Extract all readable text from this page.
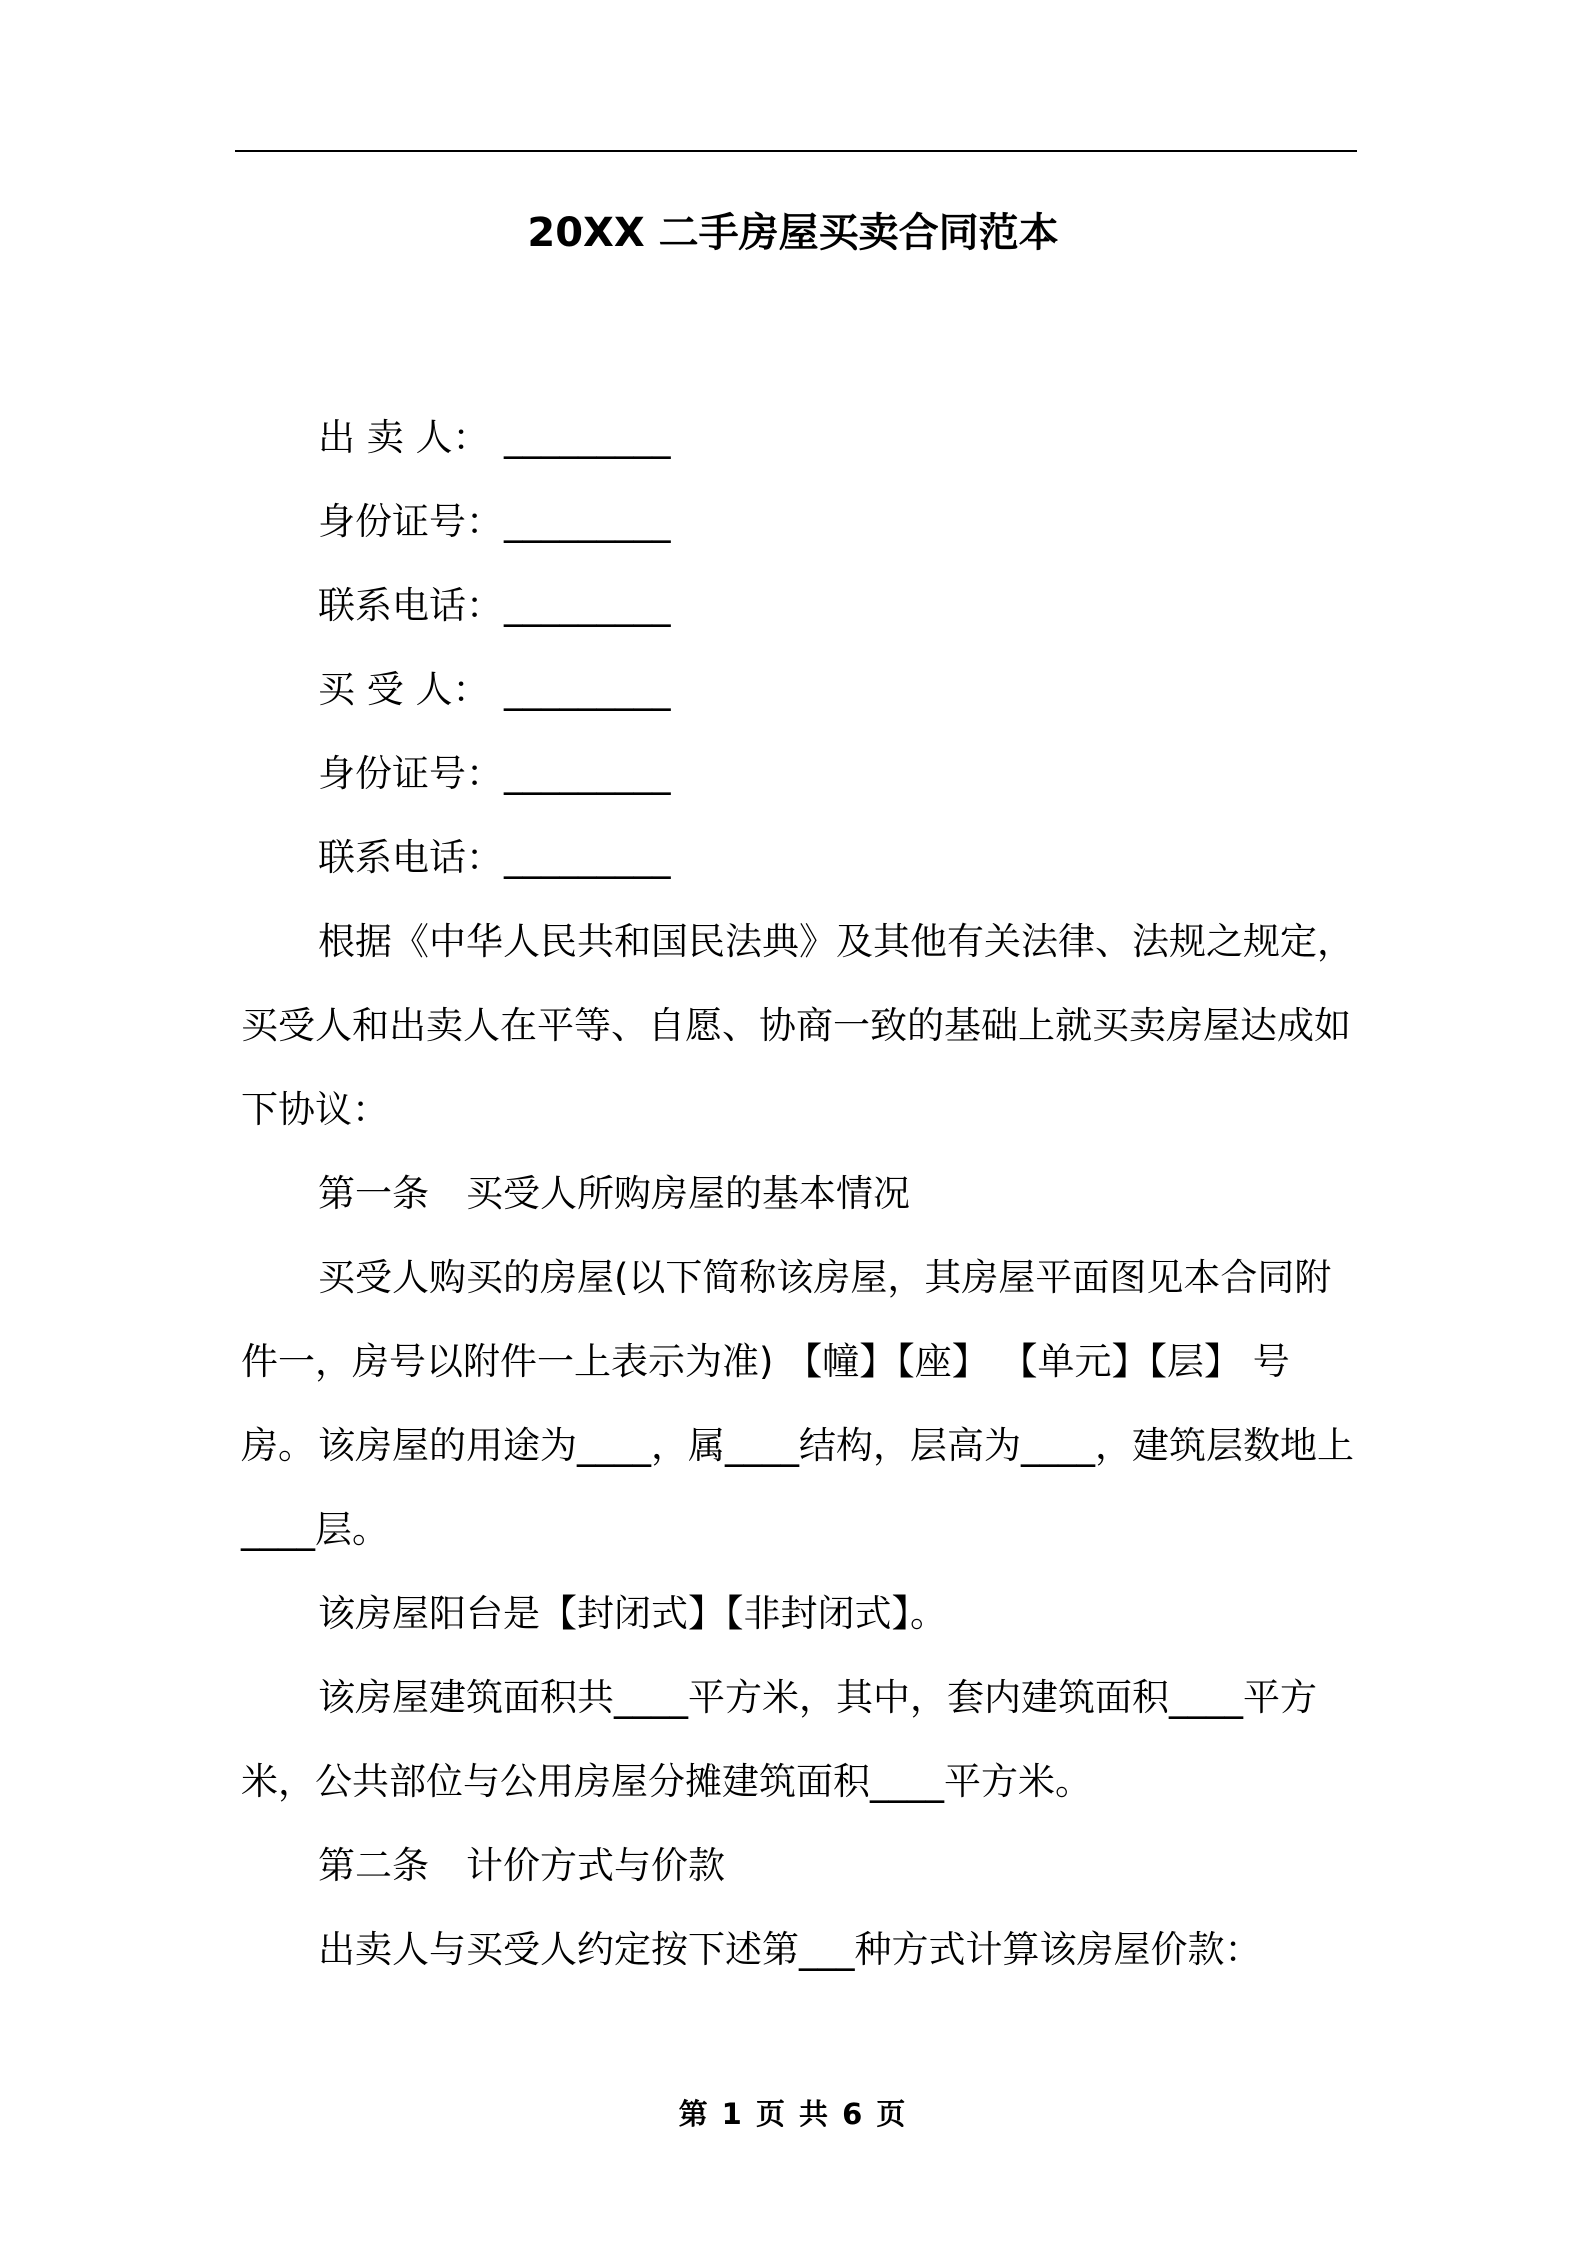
20XX 二手房屋买卖合同范本
出 卖 人： _________
身份证号：_________
联系电话：_________
买 受 人： _________
身份证号：_________
联系电话：_________
根据《中华人民共和国民法典》及其他有关法律、法规之规定，买受人和出卖人在平等、自愿、协商一致的基础上就买卖房屋达成如下协议：
第一条　买受人所购房屋的基本情况
买受人购买的房屋(以下简称该房屋，其房屋平面图见本合同附件一，房号以附件一上表示为准) 【幢】【座】 【单元】【层】 号房。 该房屋的用途为____，属____结构，层高为____，建筑层数地上____层。
该房屋阳台是【封闭式】【非封闭式】。
该房屋建筑面积共____平方米，其中，套内建筑面积____平方米，公共部位与公用房屋分摊建筑面积____平方米。
第二条　计价方式与价款
出卖人与买受人约定按下述第___种方式计算该房屋价款：
第 1 页 共 6 页
